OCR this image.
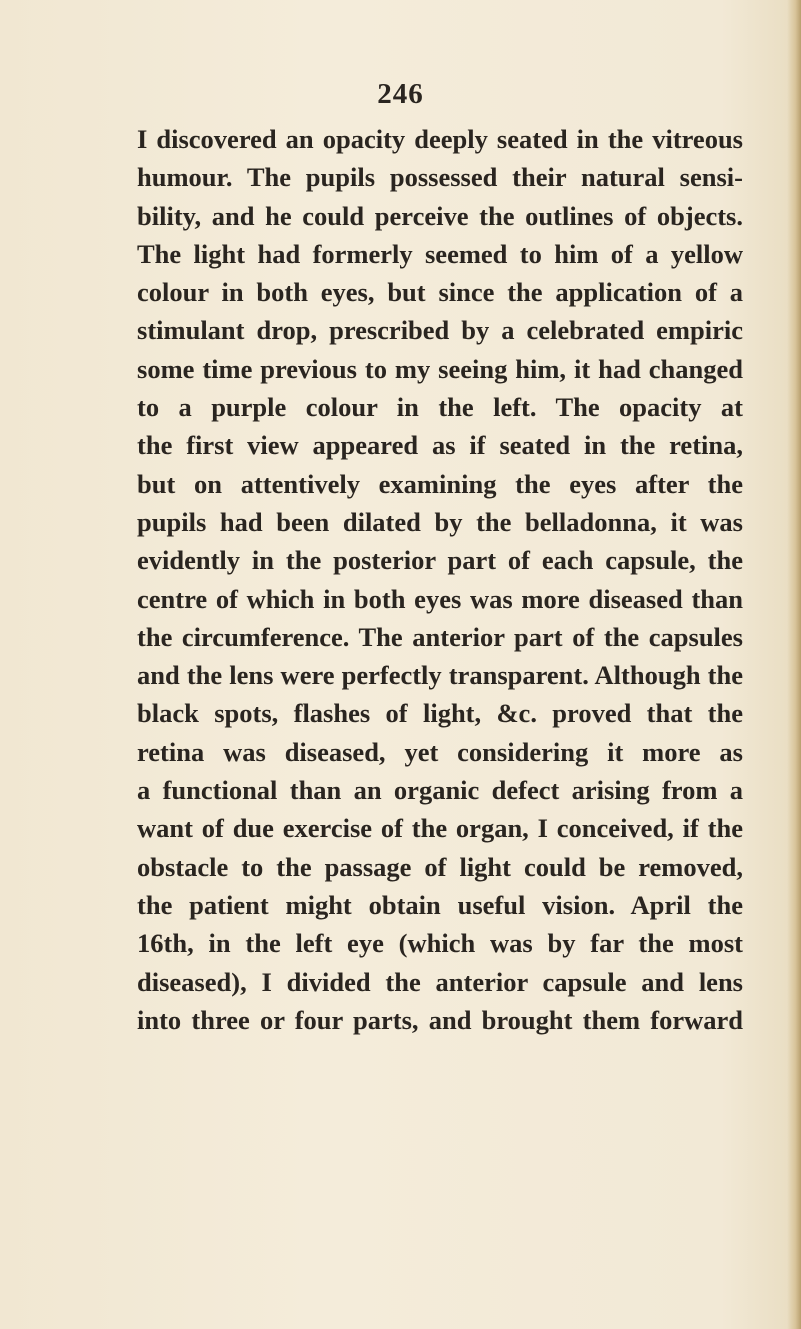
246
I discovered an opacity deeply seated in the vitreous
humour. The pupils possessed their natural sensi-
bility, and he could perceive the outlines of objects.
The light had formerly seemed to him of a yellow
colour in both eyes, but since the application of a
stimulant drop, prescribed by a celebrated empiric
some time previous to my seeing him, it had changed
to a purple colour in the left. The opacity at
the first view appeared as if seated in the retina,
but on attentively examining the eyes after the
pupils had been dilated by the belladonna, it was
evidently in the posterior part of each capsule, the
centre of which in both eyes was more diseased than
the circumference. The anterior part of the capsules
and the lens were perfectly transparent. Although the
black spots, flashes of light, &c. proved that the
retina was diseased, yet considering it more as
a functional than an organic defect arising from a
want of due exercise of the organ, I conceived, if the
obstacle to the passage of light could be removed,
the patient might obtain useful vision. April the
16th, in the left eye (which was by far the most
diseased), I divided the anterior capsule and lens
into three or four parts, and brought them forward
